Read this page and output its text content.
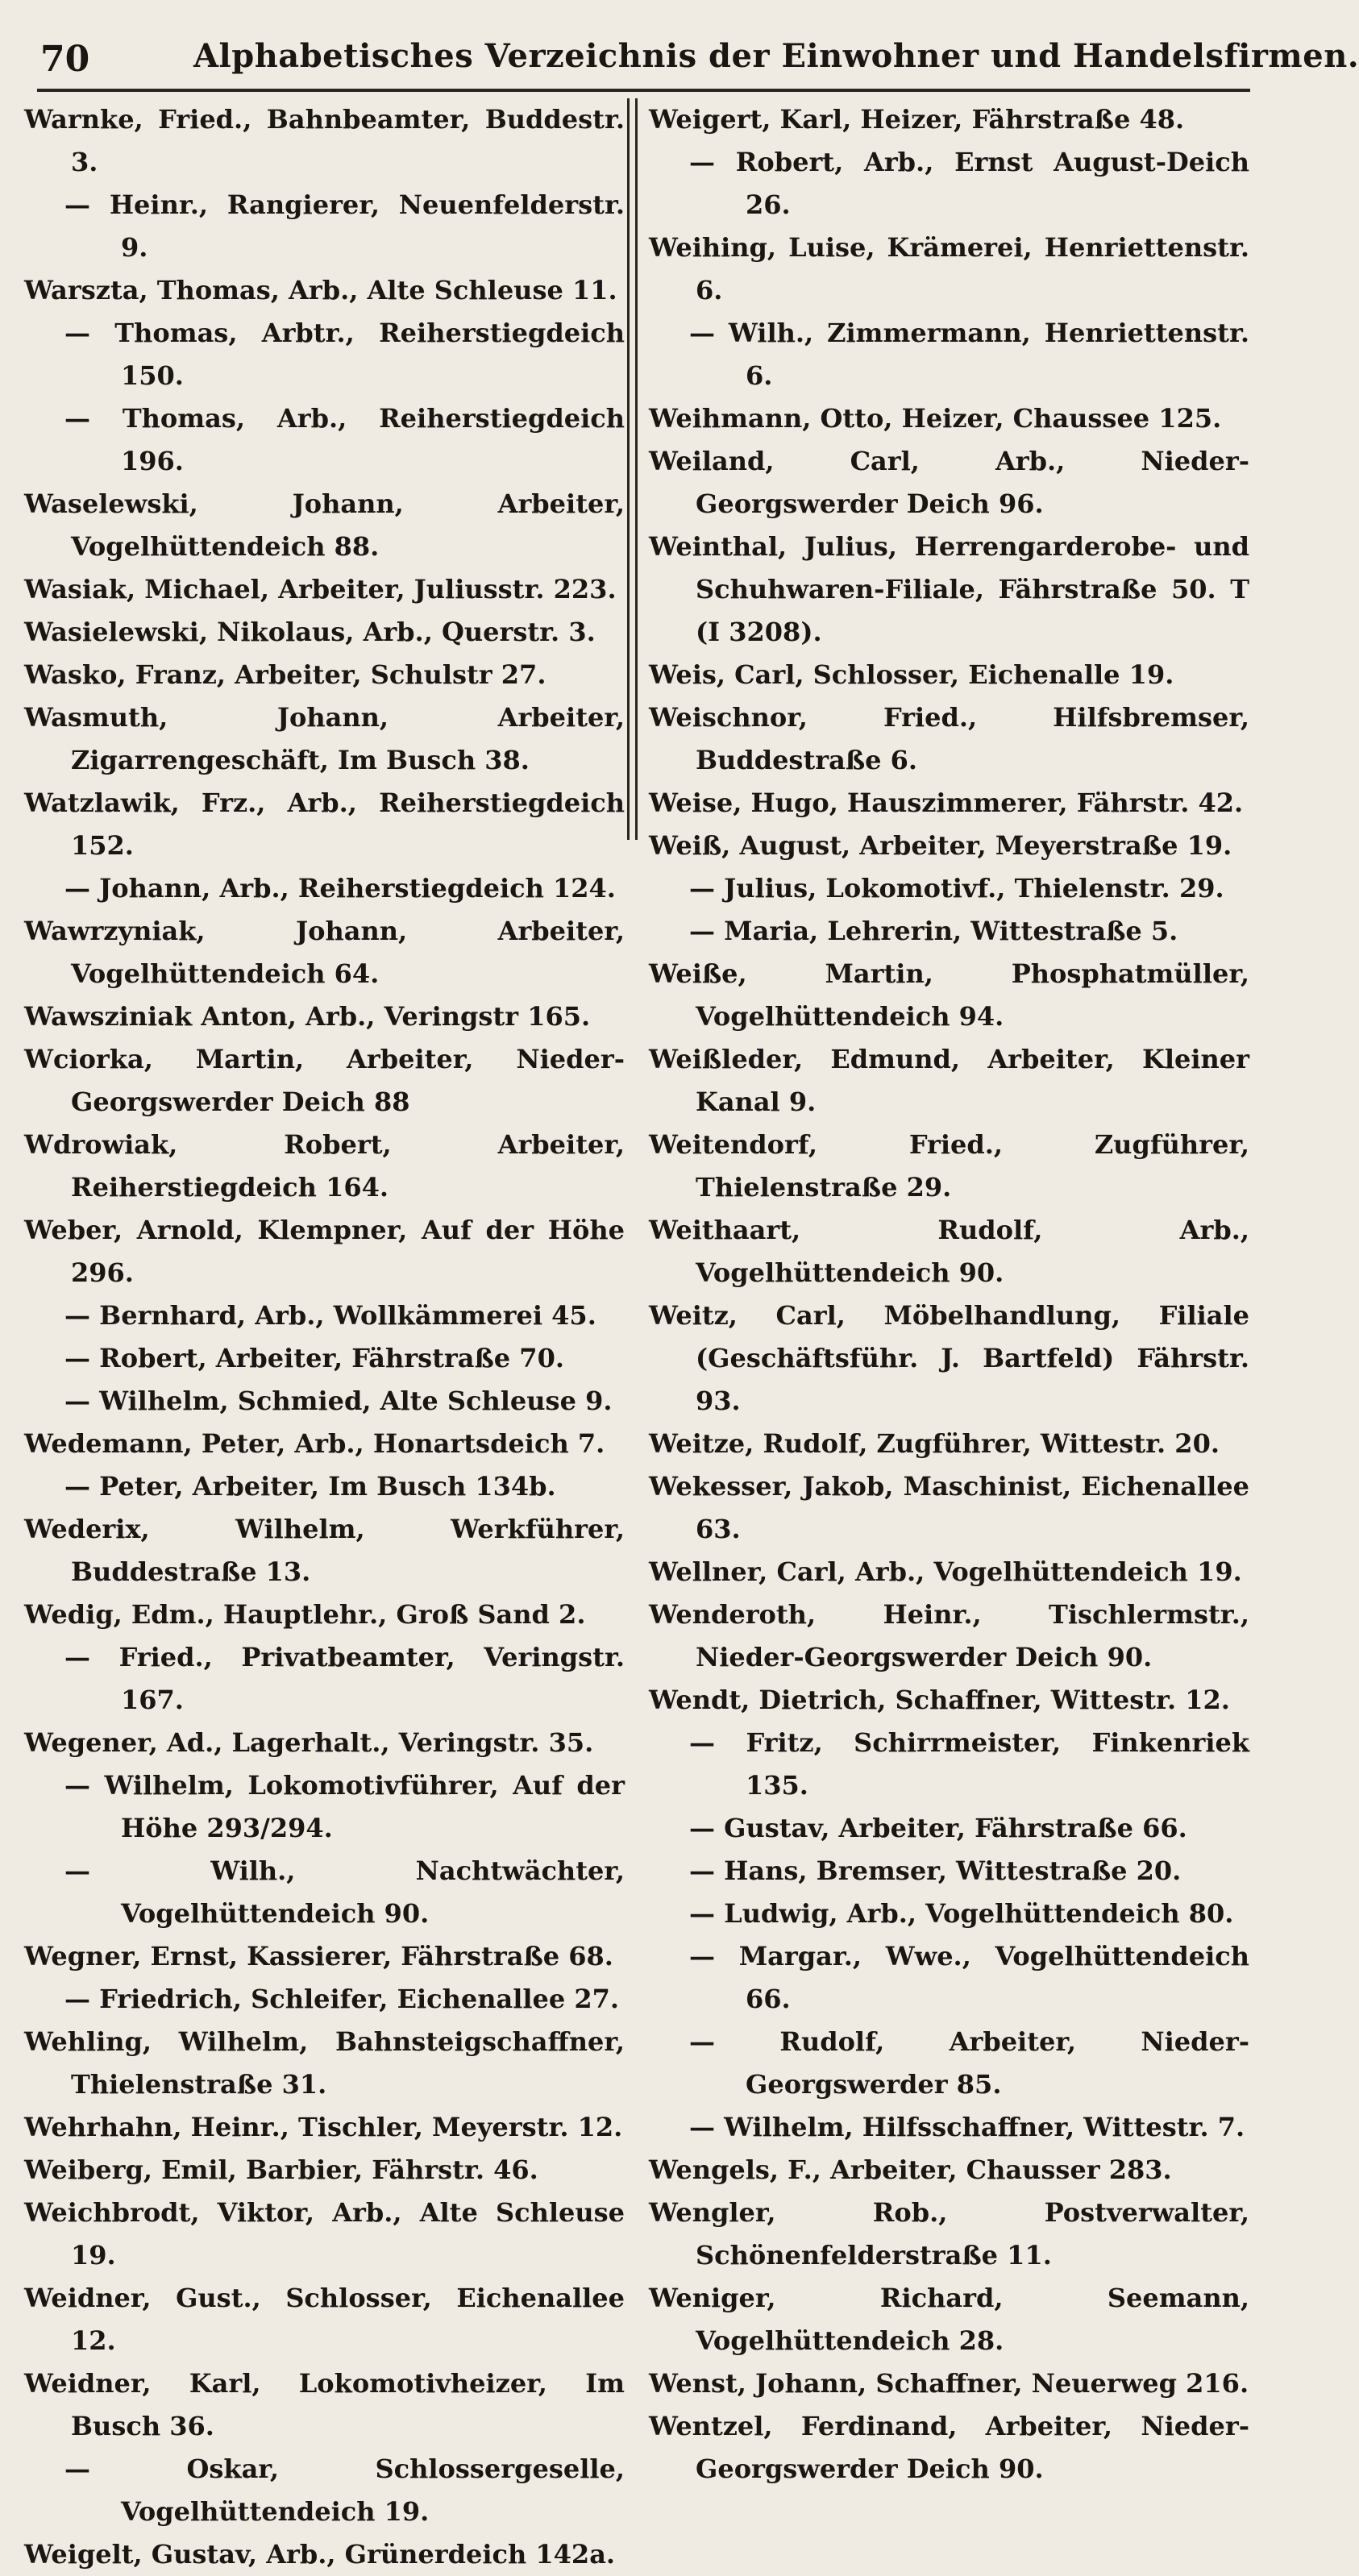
70	Alphabetisches Verzeichnis der Einwohner und Handelsfirmen.

Warnke, Fried., Bahnbeamter, Buddestr. 3.

— Heinr., Rangierer, Neuenfelderstr. 9.

Warszta, Thomas, Arb., Alte Schleuse 11.

— Thomas, Arbtr., Reiherstiegdeich 150.

— Thomas, Arb., Reiherstiegdeich 196.

Waselewski, Johann, Arbeiter, Vogelhüttendeich 88.

Wasiak, Michael, Arbeiter, Juliusstr. 223.

Wasielewski, Nikolaus, Arb., Querstr. 3.

Wasko, Franz, Arbeiter, Schulstr 27.

Wasmuth, Johann, Arbeiter, Zigarrengeschäft, Im Busch 38.

Watzlawik, Frz., Arb., Reiherstiegdeich 152.

— Johann, Arb., Reiherstiegdeich 124.

Wawrzyniak, Johann, Arbeiter, Vogelhüttendeich 64.

Wawsziniak Anton, Arb., Veringstr 165.

Wciorka, Martin, Arbeiter, Nieder-Georgswerder Deich 88

Wdrowiak, Robert, Arbeiter, Reiherstiegdeich 164.

Weber, Arnold, Klempner, Auf der Höhe 296.

— Bernhard, Arb., Wollkämmerei 45.

— Robert, Arbeiter, Fährstraße 70.

— Wilhelm, Schmied, Alte Schleuse 9.

Wedemann, Peter, Arb., Honartsdeich 7.

— Peter, Arbeiter, Im Busch 134b.

Wederix, Wilhelm, Werkführer, Buddestraße 13.

Wedig, Edm., Hauptlehr., Groß Sand 2.

— Fried., Privatbeamter, Veringstr. 167.

Wegener, Ad., Lagerhalt., Veringstr. 35.

— Wilhelm, Lokomotivführer, Auf der Höhe 293/294.

— Wilh., Nachtwächter, Vogelhüttendeich 90.

Wegner, Ernst, Kassierer, Fährstraße 68.

— Friedrich, Schleifer, Eichenallee 27.

Wehling, Wilhelm, Bahnsteigschaffner, Thielenstraße 31.

Wehrhahn, Heinr., Tischler, Meyerstr. 12.

Weiberg, Emil, Barbier, Fährstr. 46.

Weichbrodt, Viktor, Arb., Alte Schleuse 19.

Weidner, Gust., Schlosser, Eichenallee 12.

Weidner, Karl, Lokomotivheizer, Im Busch 36.

— Oskar, Schlossergeselle, Vogelhüttendeich 19.

Weigelt, Gustav, Arb., Grünerdeich 142a.

Weigert, Karl, Heizer, Fährstraße 48.

— Robert, Arb., Ernst August-Deich 26.

Weihing, Luise, Krämerei, Henriettenstr. 6.

— Wilh., Zimmermann, Henriettenstr. 6.

Weihmann, Otto, Heizer, Chaussee 125.

Weiland, Carl, Arb., Nieder-Georgswerder Deich 96.

Weinthal, Julius, Herrengarderobe- und Schuhwaren-Filiale, Fährstraße 50. T (I 3208).

Weis, Carl, Schlosser, Eichenalle 19.

Weischnor, Fried., Hilfsbremser, Buddestraße 6.

Weise, Hugo, Hauszimmerer, Fährstr. 42.

Weiß, August, Arbeiter, Meyerstraße 19.

— Julius, Lokomotivf., Thielenstr. 29.

— Maria, Lehrerin, Wittestraße 5.

Weiße, Martin, Phosphatmüller, Vogelhüttendeich 94.

Weißleder, Edmund, Arbeiter, Kleiner Kanal 9.

Weitendorf, Fried., Zugführer, Thielenstraße 29.

Weithaart, Rudolf, Arb., Vogelhüttendeich 90.

Weitz, Carl, Möbelhandlung, Filiale (Geschäftsführ. J. Bartfeld) Fährstr. 93.

Weitze, Rudolf, Zugführer, Wittestr. 20.

Wekesser, Jakob, Maschinist, Eichenallee 63.

Wellner, Carl, Arb., Vogelhüttendeich 19.

Wenderoth, Heinr., Tischlermstr., Nieder-Georgswerder Deich 90.

Wendt, Dietrich, Schaffner, Wittestr. 12.

— Fritz, Schirrmeister, Finkenriek 135.

— Gustav, Arbeiter, Fährstraße 66.

— Hans, Bremser, Wittestraße 20.

— Ludwig, Arb., Vogelhüttendeich 80.

— Margar., Wwe., Vogelhüttendeich 66.

— Rudolf, Arbeiter, Nieder-Georgswerder 85.

— Wilhelm, Hilfsschaffner, Wittestr. 7.

Wengels, F., Arbeiter, Chausser 283.

Wengler, Rob., Postverwalter, Schönenfelderstraße 11.

Weniger, Richard, Seemann, Vogelhüttendeich 28.

Wenst, Johann, Schaffner, Neuerweg 216.

Wentzel, Ferdinand, Arbeiter, Nieder-Georgswerder Deich 90.
